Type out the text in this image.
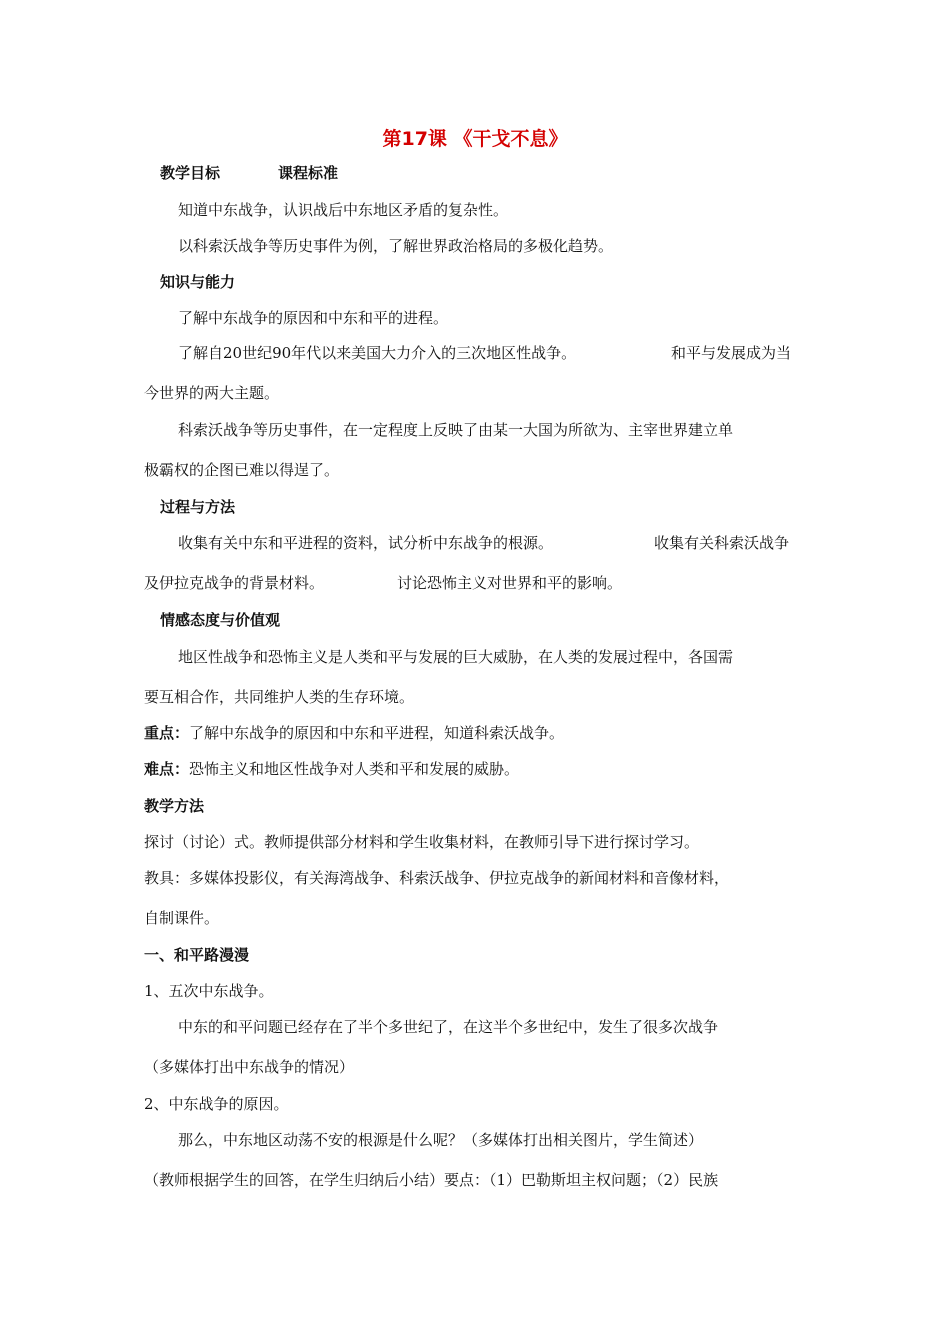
第17课 《干戈不息》
教学目标	课程标准
知道中东战争，认识战后中东地区矛盾的复杂性。
以科索沃战争等历史事件为例，了解世界政治格局的多极化趋势。
知识与能力
了解中东战争的原因和中东和平的进程。
了解自20世纪90年代以来美国大力介入的三次地区性战争。	和平与发展成为当
今世界的两大主题。
科索沃战争等历史事件，在一定程度上反映了由某一大国为所欲为、主宰世界建立单
极霸权的企图已难以得逞了。
过程与方法
收集有关中东和平进程的资料，试分析中东战争的根源。	收集有关科索沃战争
及伊拉克战争的背景材料。	讨论恐怖主义对世界和平的影响。
情感态度与价值观
地区性战争和恐怖主义是人类和平与发展的巨大威胁，在人类的发展过程中，各国需
要互相合作，共同维护人类的生存环境。
重点：了解中东战争的原因和中东和平进程，知道科索沃战争。
难点：恐怖主义和地区性战争对人类和平和发展的威胁。
教学方法
探讨（讨论）式。教师提供部分材料和学生收集材料，在教师引导下进行探讨学习。
教具：多媒体投影仪，有关海湾战争、科索沃战争、伊拉克战争的新闻材料和音像材料，
自制课件。
一、和平路漫漫
1、五次中东战争。
中东的和平问题已经存在了半个多世纪了，在这半个多世纪中，发生了很多次战争
（多媒体打出中东战争的情况）
2、中东战争的原因。
那么，中东地区动荡不安的根源是什么呢？（多媒体打出相关图片，学生简述）
（教师根据学生的回答，在学生归纳后小结）要点：（1）巴勒斯坦主权问题；（2）民族
